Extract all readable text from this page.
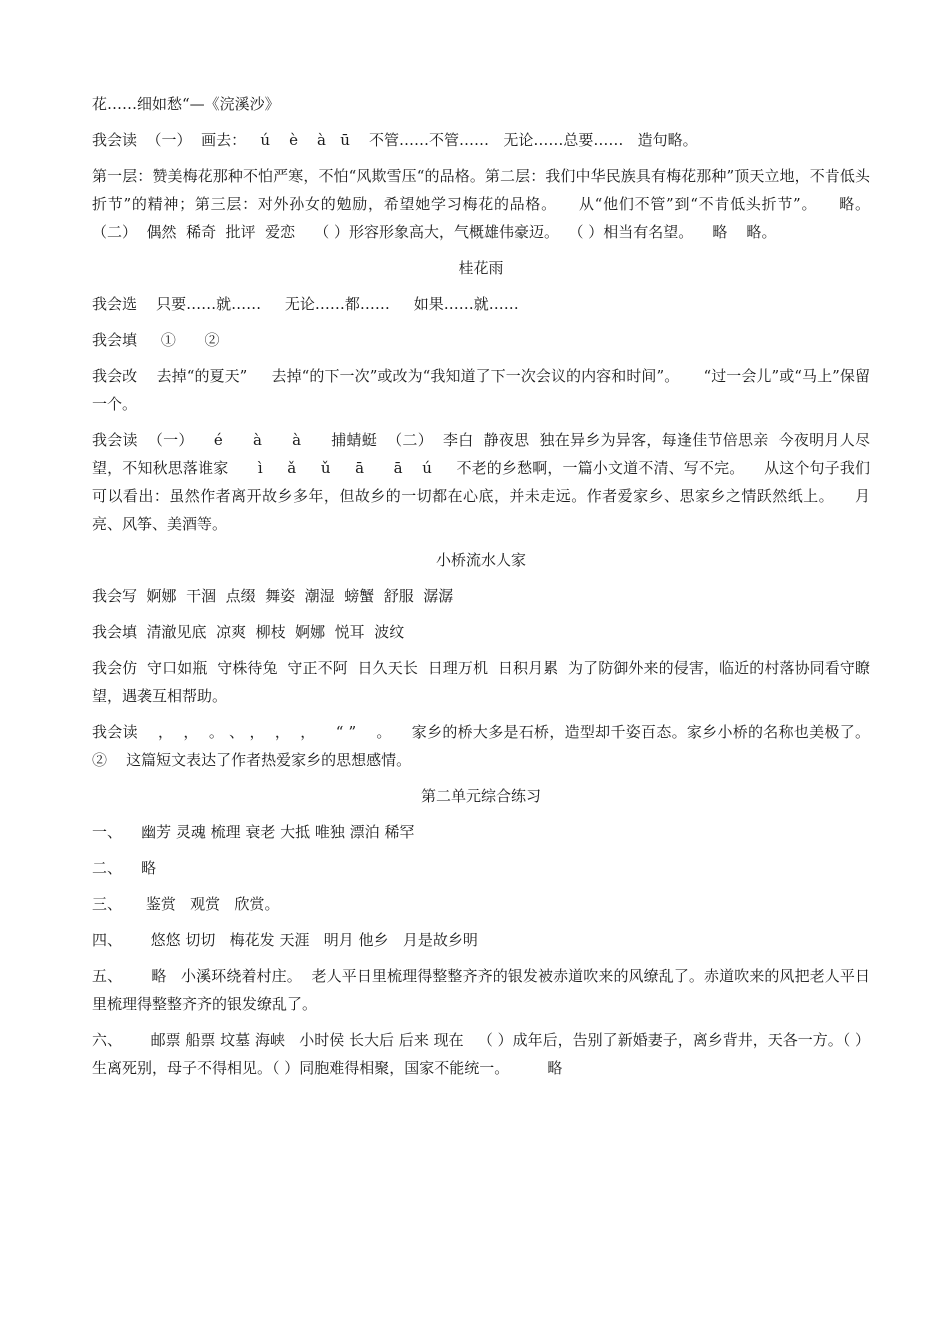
花……细如愁“—《浣溪沙》

我会读  （一）  画去：   ú    è    à   ū    不管……不管……   无论……总要……   造句略。

第一层：赞美梅花那种不怕严寒，不怕“风欺雪压“的品格。第二层：我们中华民族具有梅花那种”顶天立地，不肯低头折节”的精神；第三层：对外孙女的勉励，希望她学习梅花的品格。    从“他们不管”到“不肯低头折节”。    略。  （二）  偶然  稀奇  批评  爱恋    （ ）形容形象高大，气概雄伟豪迈。  （ ）相当有名望。    略    略。

桂花雨

我会选    只要……就……     无论……都……     如果……就……

我会填     ①      ②

我会改    去掉“的夏天”     去掉“的下一次”或改为“我知道了下一次会议的内容和时间”。     “过一会儿”或“马上”保留一个。

我会读  （一）    é      à      à      捕蜻蜓  （二）  李白  静夜思  独在异乡为异客，每逢佳节倍思亲  今夜明月人尽望，不知秋思落谁家      ì     ǎ     ǔ     ā      ā    ú     不老的乡愁啊，一篇小文道不清、写不完。    从这个句子我们可以看出：虽然作者离开故乡多年，但故乡的一切都在心底，并未走远。作者爱家乡、思家乡之情跃然纸上。    月亮、风筝、美酒等。

小桥流水人家

我会写  婀娜  干涸  点缀  舞姿  潮湿  螃蟹  舒服  潺潺

我会填  清澈见底  凉爽  柳枝  婀娜  悦耳  波纹

我会仿  守口如瓶  守株待兔  守正不阿  日久天长  日理万机  日积月累  为了防御外来的侵害，临近的村落协同看守瞭望，遇袭互相帮助。

我会读    ，  ，  。 、 ，  ，  ，    “ ”    。    家乡的桥大多是石桥，造型却千姿百态。家乡小桥的名称也美极了。   ②    这篇短文表达了作者热爱家乡的思想感情。

第二单元综合练习

一、    幽芳 灵魂 梳理 衰老 大抵 唯独 漂泊 稀罕

二、    略

三、     鉴赏   观赏   欣赏。

四、      悠悠 切切   梅花发 天涯   明月 他乡   月是故乡明

五、      略   小溪环绕着村庄。  老人平日里梳理得整整齐齐的银发被赤道吹来的风缭乱了。赤道吹来的风把老人平日里梳理得整整齐齐的银发缭乱了。

六、      邮票 船票 坟墓 海峡   小时侯 长大后 后来 现在   （ ）成年后，告别了新婚妻子，离乡背井，天各一方。（ ）生离死别，母子不得相见。（ ）同胞难得相聚，国家不能统一。        略
